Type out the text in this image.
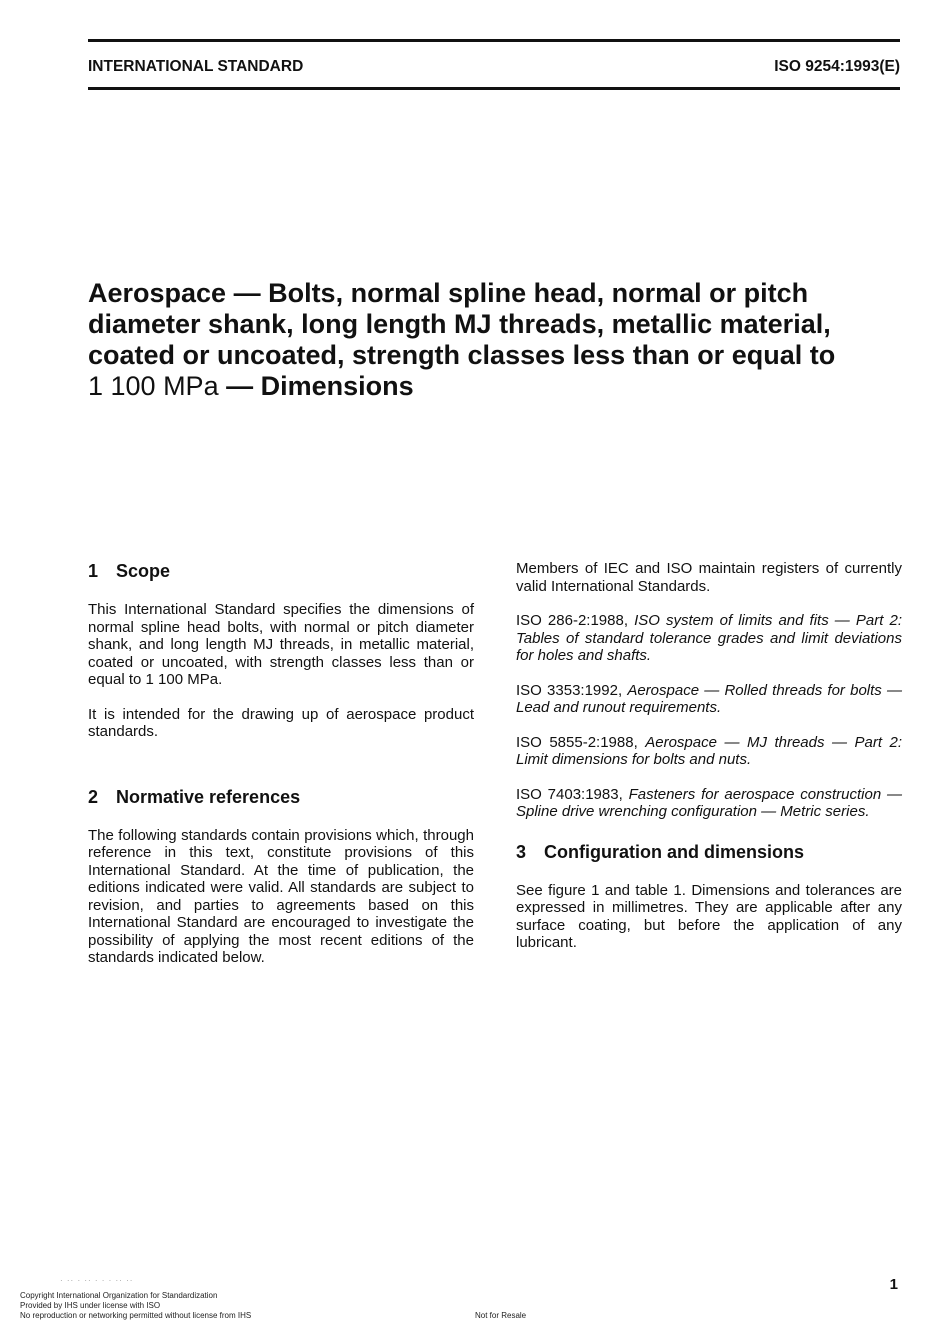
INTERNATIONAL STANDARD	ISO 9254:1993(E)
Aerospace — Bolts, normal spline head, normal or pitch diameter shank, long length MJ threads, metallic material, coated or uncoated, strength classes less than or equal to 1 100 MPa — Dimensions
1 Scope

This International Standard specifies the dimensions of normal spline head bolts, with normal or pitch diameter shank, and long length MJ threads, in metallic material, coated or uncoated, with strength classes less than or equal to 1 100 MPa.

It is intended for the drawing up of aerospace product standards.

2 Normative references

The following standards contain provisions which, through reference in this text, constitute provisions of this International Standard. At the time of publication, the editions indicated were valid. All standards are subject to revision, and parties to agreements based on this International Standard are encouraged to investigate the possibility of applying the most recent editions of the standards indicated below.

Members of IEC and ISO maintain registers of currently valid International Standards.

ISO 286-2:1988, ISO system of limits and fits — Part 2: Tables of standard tolerance grades and limit deviations for holes and shafts.
ISO 3353:1992, Aerospace — Rolled threads for bolts — Lead and runout requirements.
ISO 5855-2:1988, Aerospace — MJ threads — Part 2: Limit dimensions for bolts and nuts.
ISO 7403:1983, Fasteners for aerospace construction — Spline drive wrenching configuration — Metric series.
3 Configuration and dimensions

See figure 1 and table 1. Dimensions and tolerances are expressed in millimetres. They are applicable after any surface coating, but before the application of any lubricant.

· ·· · ·· · · · ·· ··	1
Copyright International Organization for Standardization
Provided by IHS under license with ISO
No reproduction or networking permitted without license from IHS	Not for Resale
